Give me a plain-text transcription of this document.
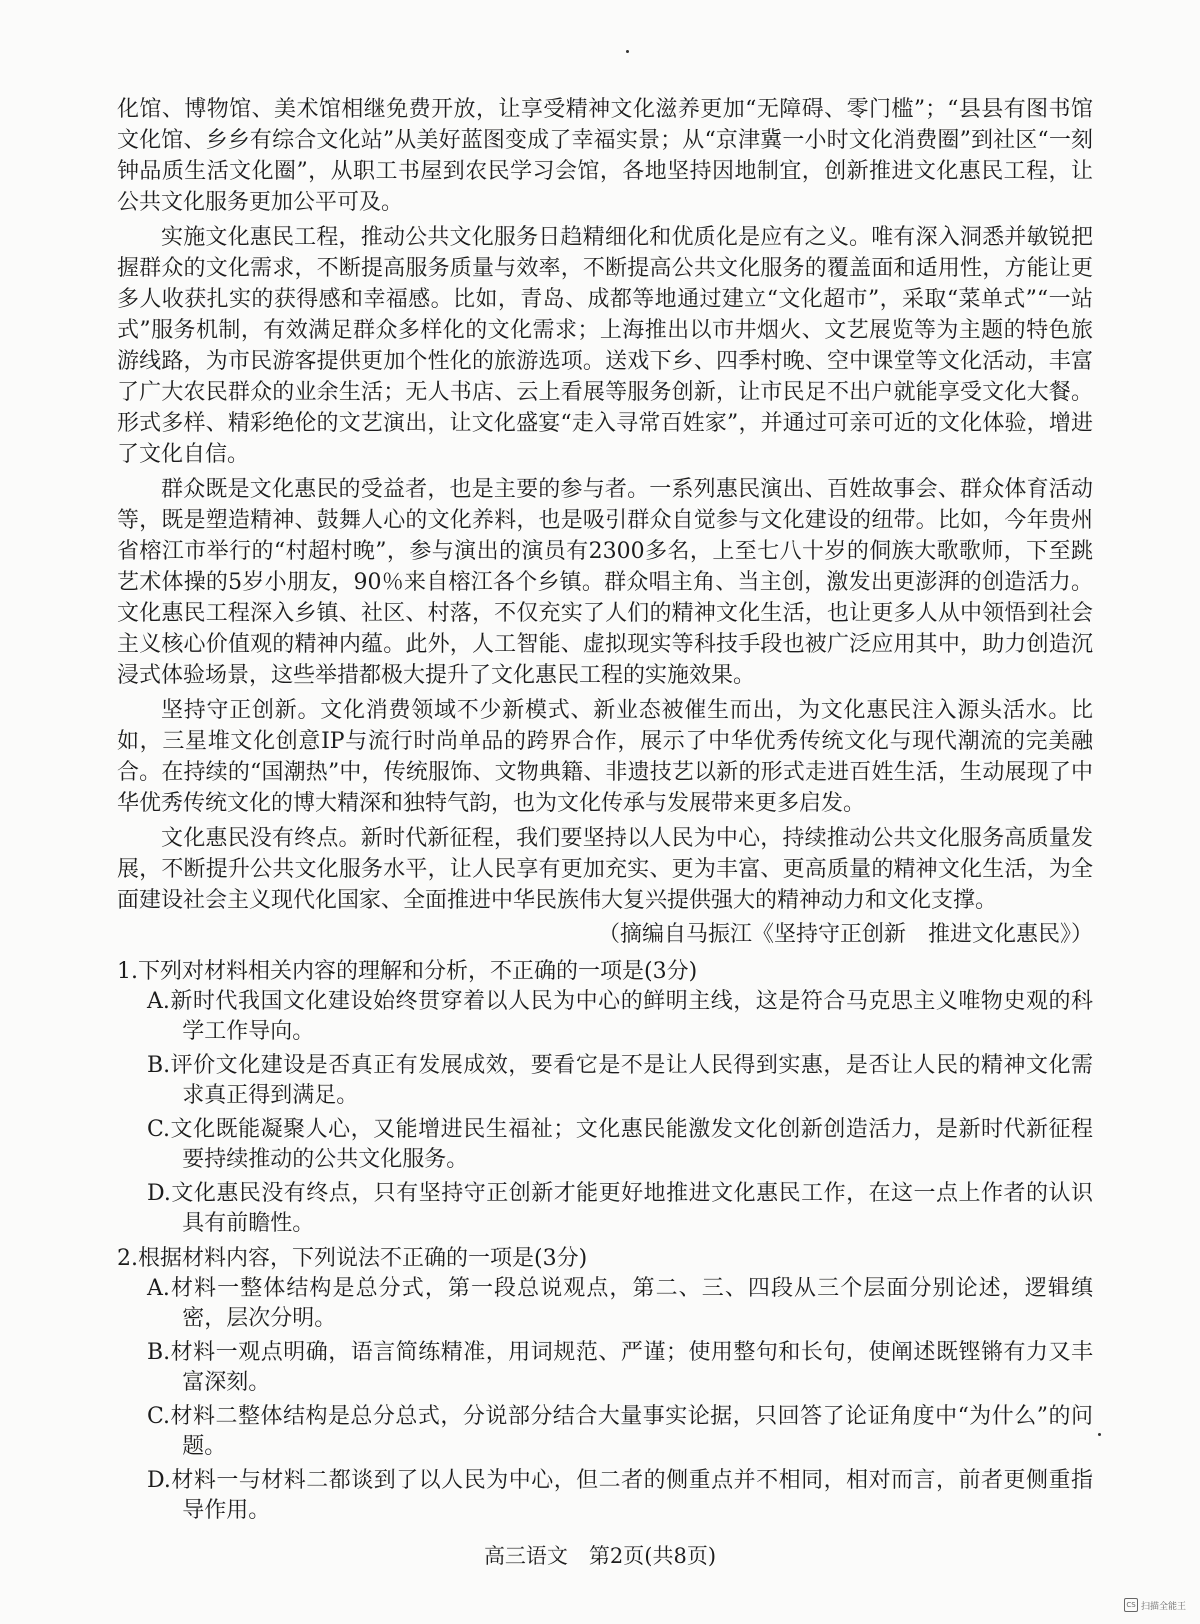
化馆、博物馆、美术馆相继免费开放，让享受精神文化滋养更加“无障碍、零门槛”；“县县有图书馆文化馆、乡乡有综合文化站”从美好蓝图变成了幸福实景；从“京津冀一小时文化消费圈”到社区“一刻钟品质生活文化圈”，从职工书屋到农民学习会馆，各地坚持因地制宜，创新推进文化惠民工程，让公共文化服务更加公平可及。

实施文化惠民工程，推动公共文化服务日趋精细化和优质化是应有之义。唯有深入洞悉并敏锐把握群众的文化需求，不断提高服务质量与效率，不断提高公共文化服务的覆盖面和适用性，方能让更多人收获扎实的获得感和幸福感。比如，青岛、成都等地通过建立“文化超市”，采取“菜单式”“一站式”服务机制，有效满足群众多样化的文化需求；上海推出以市井烟火、文艺展览等为主题的特色旅游线路，为市民游客提供更加个性化的旅游选项。送戏下乡、四季村晚、空中课堂等文化活动，丰富了广大农民群众的业余生活；无人书店、云上看展等服务创新，让市民足不出户就能享受文化大餐。形式多样、精彩绝伦的文艺演出，让文化盛宴“走入寻常百姓家”，并通过可亲可近的文化体验，增进了文化自信。

群众既是文化惠民的受益者，也是主要的参与者。一系列惠民演出、百姓故事会、群众体育活动等，既是塑造精神、鼓舞人心的文化养料，也是吸引群众自觉参与文化建设的纽带。比如，今年贵州省榕江市举行的“村超村晚”，参与演出的演员有2300多名，上至七八十岁的侗族大歌歌师，下至跳艺术体操的5岁小朋友，90％来自榕江各个乡镇。群众唱主角、当主创，激发出更澎湃的创造活力。文化惠民工程深入乡镇、社区、村落，不仅充实了人们的精神文化生活，也让更多人从中领悟到社会主义核心价值观的精神内蕴。此外，人工智能、虚拟现实等科技手段也被广泛应用其中，助力创造沉浸式体验场景，这些举措都极大提升了文化惠民工程的实施效果。

坚持守正创新。文化消费领域不少新模式、新业态被催生而出，为文化惠民注入源头活水。比如，三星堆文化创意IP与流行时尚单品的跨界合作，展示了中华优秀传统文化与现代潮流的完美融合。在持续的“国潮热”中，传统服饰、文物典籍、非遗技艺以新的形式走进百姓生活，生动展现了中华优秀传统文化的博大精深和独特气韵，也为文化传承与发展带来更多启发。

文化惠民没有终点。新时代新征程，我们要坚持以人民为中心，持续推动公共文化服务高质量发展，不断提升公共文化服务水平，让人民享有更加充实、更为丰富、更高质量的精神文化生活，为全面建设社会主义现代化国家、全面推进中华民族伟大复兴提供强大的精神动力和文化支撑。

（摘编自马振江《坚持守正创新　推进文化惠民》）

1.下列对材料相关内容的理解和分析，不正确的一项是(3分)

A.新时代我国文化建设始终贯穿着以人民为中心的鲜明主线，这是符合马克思主义唯物史观的科学工作导向。

B.评价文化建设是否真正有发展成效，要看它是不是让人民得到实惠，是否让人民的精神文化需求真正得到满足。

C.文化既能凝聚人心，又能增进民生福祉；文化惠民能激发文化创新创造活力，是新时代新征程要持续推动的公共文化服务。

D.文化惠民没有终点，只有坚持守正创新才能更好地推进文化惠民工作，在这一点上作者的认识具有前瞻性。

2.根据材料内容，下列说法不正确的一项是(3分)

A.材料一整体结构是总分式，第一段总说观点，第二、三、四段从三个层面分别论述，逻辑缜密，层次分明。

B.材料一观点明确，语言简练精准，用词规范、严谨；使用整句和长句，使阐述既铿锵有力又丰富深刻。

C.材料二整体结构是总分总式，分说部分结合大量事实论据，只回答了论证角度中“为什么”的问题。

D.材料一与材料二都谈到了以人民为中心，但二者的侧重点并不相同，相对而言，前者更侧重指导作用。

高三语文　第2页(共8页)
CS 扫描全能王
